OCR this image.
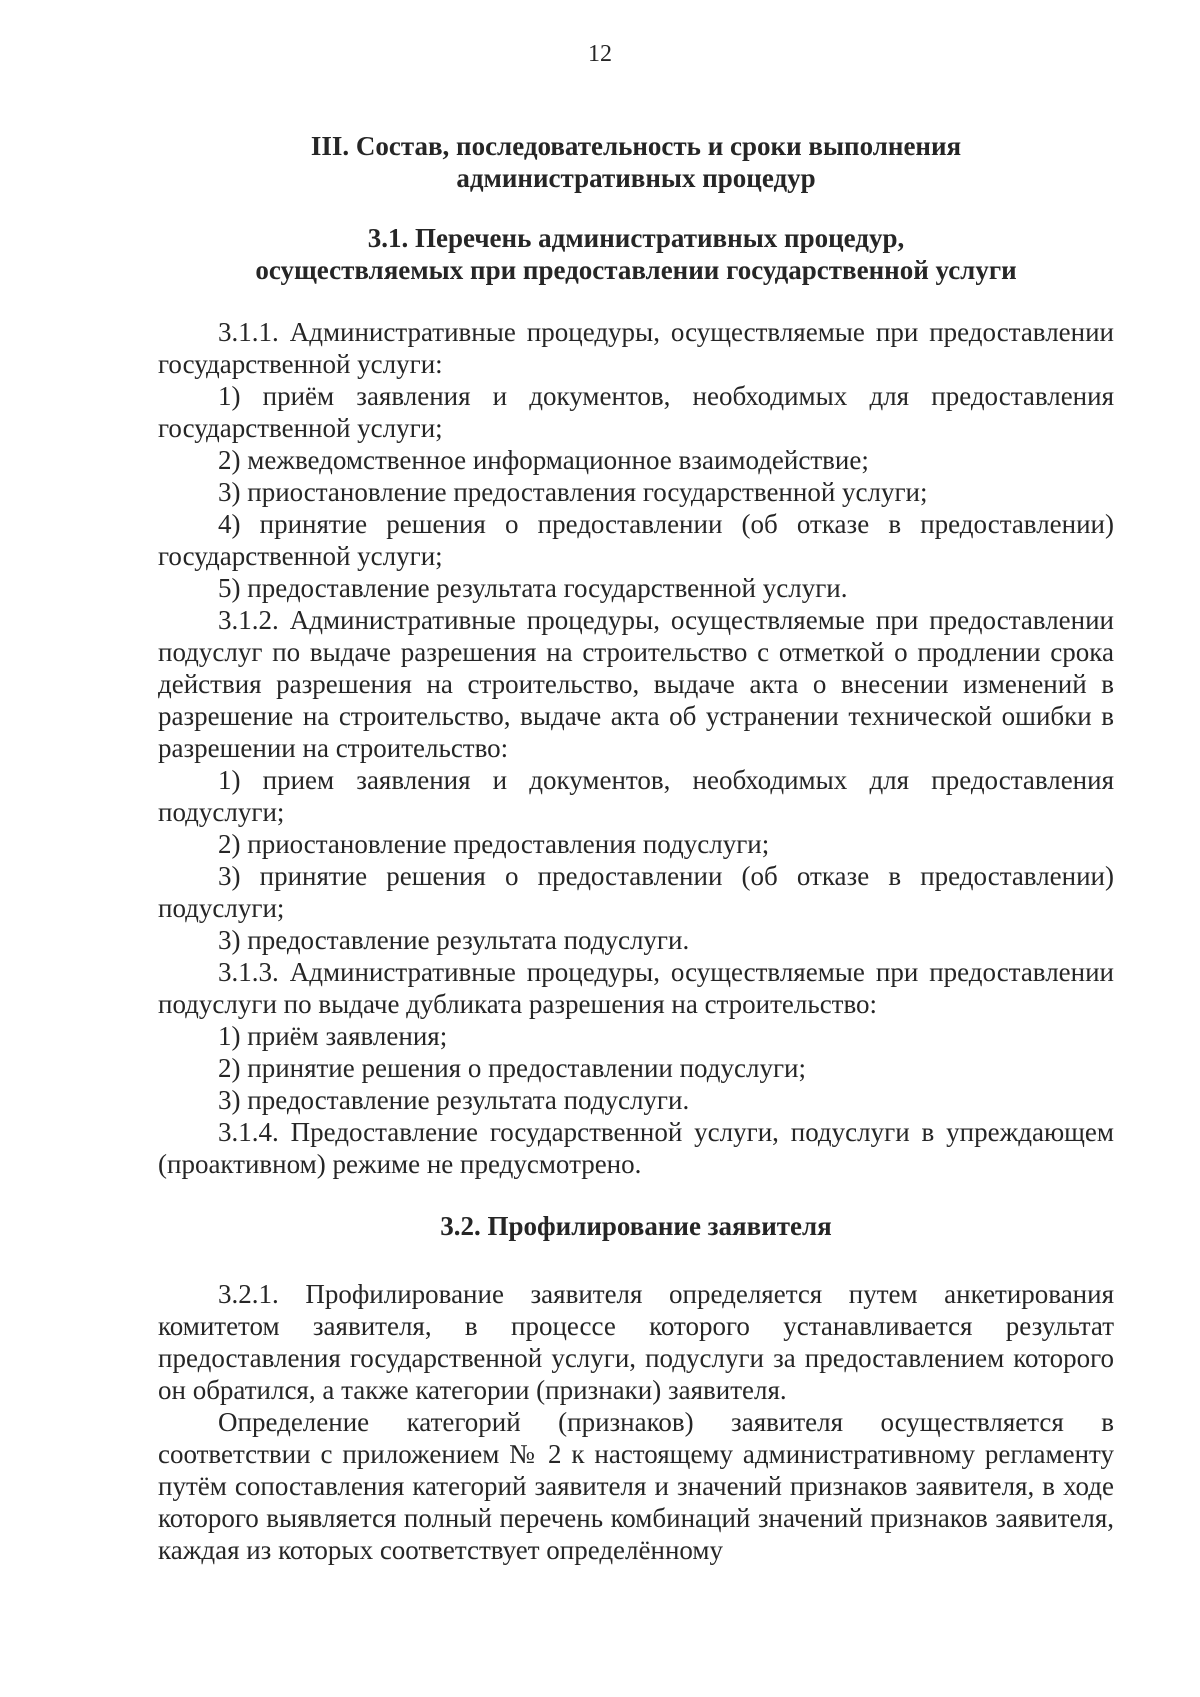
12
III. Состав, последовательность и сроки выполнения
административных процедур
3.1. Перечень административных процедур,
осуществляемых при предоставлении государственной услуги

3.1.1. Административные процедуры, осуществляемые при предоставлении государственной услуги:

1) приём заявления и документов, необходимых для предоставления государственной услуги;

2) межведомственное информационное взаимодействие;

3) приостановление предоставления государственной услуги;

4) принятие решения о предоставлении (об отказе в предоставлении) государственной услуги;

5) предоставление результата государственной услуги.

3.1.2. Административные процедуры, осуществляемые при предоставлении подуслуг по выдаче разрешения на строительство с отметкой о продлении срока действия разрешения на строительство, выдаче акта о внесении изменений в разрешение на строительство, выдаче акта об устранении технической ошибки в разрешении на строительство:

1) прием заявления и документов, необходимых для предоставления подуслуги;

2) приостановление предоставления подуслуги;

3) принятие решения о предоставлении (об отказе в предоставлении) подуслуги;

3) предоставление результата подуслуги.

3.1.3. Административные процедуры, осуществляемые при предоставлении подуслуги по выдаче дубликата разрешения на строительство:

1) приём заявления;

2) принятие решения о предоставлении подуслуги;

3) предоставление результата подуслуги.

3.1.4. Предоставление государственной услуги, подуслуги в упреждающем (проактивном) режиме не предусмотрено.

3.2. Профилирование заявителя

3.2.1. Профилирование заявителя определяется путем анкетирования комитетом заявителя, в процессе которого устанавливается результат предоставления государственной услуги, подуслуги за предоставлением которого он обратился, а также категории (признаки) заявителя.

Определение категорий (признаков) заявителя осуществляется в соответствии с приложением № 2 к настоящему административному регламенту путём сопоставления категорий заявителя и значений признаков заявителя, в ходе которого выявляется полный перечень комбинаций значений признаков заявителя, каждая из которых соответствует определённому
